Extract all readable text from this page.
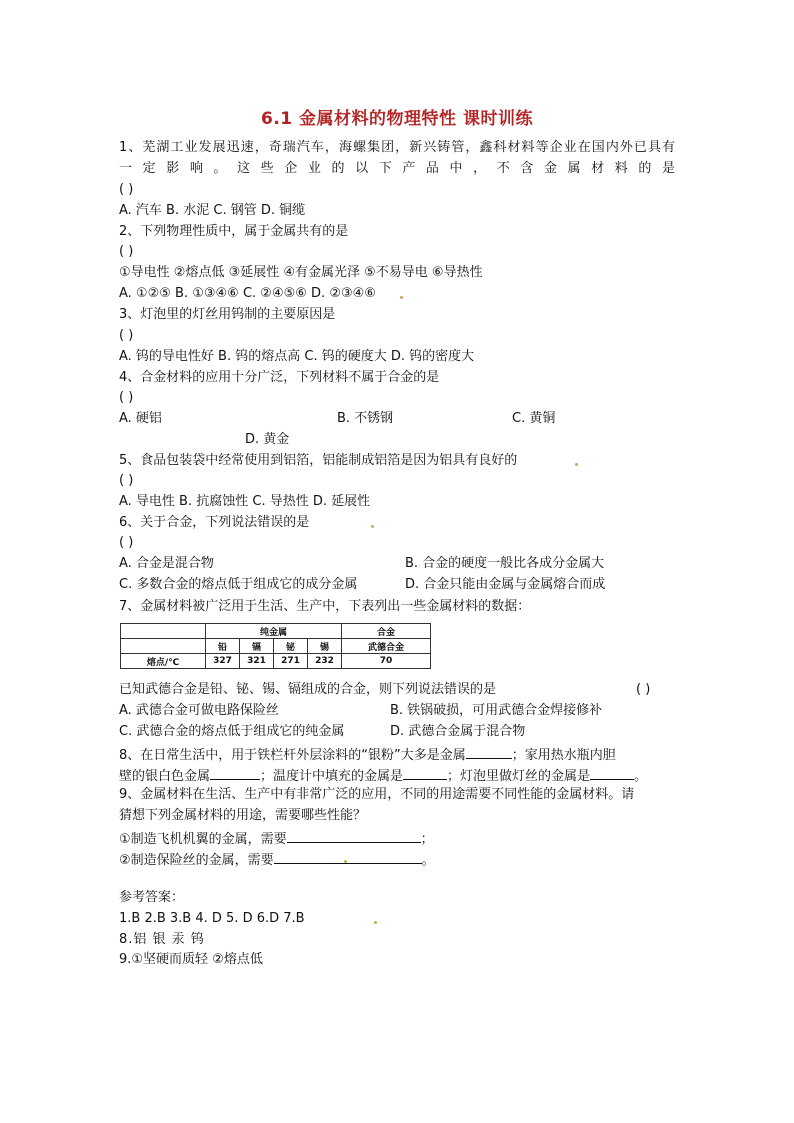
6.1 金属材料的物理特性 课时训练
1、芜湖工业发展迅速，奇瑞汽车，海螺集团，新兴铸管，鑫科材料等企业在国内外已具有
一 定 影 响 。 这 些 企 业 的 以 下 产 品 中 ， 不 含 金 属 材 料 的 是
( )
A. 汽车 B. 水泥 C. 钢管 D. 铜缆
2、下列物理性质中，属于金属共有的是
( )
①导电性 ②熔点低 ③延展性 ④有金属光泽 ⑤不易导电 ⑥导热性
A. ①②⑤ B. ①③④⑥ C. ②④⑤⑥ D. ②③④⑥
3、灯泡里的灯丝用钨制的主要原因是
( )
A. 钨的导电性好 B. 钨的熔点高 C. 钨的硬度大 D. 钨的密度大
4、合金材料的应用十分广泛，下列材料不属于合金的是
( )
A. 硬铝	B. 不锈钢	C. 黄铜
D. 黄金
5、食品包装袋中经常使用到铝箔，铝能制成铝箔是因为铝具有良好的
( )
A. 导电性 B. 抗腐蚀性 C. 导热性 D. 延展性
6、关于合金，下列说法错误的是
( )
A. 合金是混合物	B. 合金的硬度一般比各成分金属大
C. 多数合金的熔点低于组成它的成分金属	D. 合金只能由金属与金属熔合而成
7、金属材料被广泛用于生活、生产中，下表列出一些金属材料的数据：
	纯金属				合金
	铅	镉	铋	锡	武德合金
熔点/℃	327	321	271	232	70
已知武德合金是铅、铋、锡、镉组成的合金，则下列说法错误的是	( )
A. 武德合金可做电路保险丝	B. 铁锅破损，可用武德合金焊接修补
C. 武德合金的熔点低于组成它的纯金属	D. 武德合金属于混合物
8、在日常生活中，用于铁栏杆外层涂料的“银粉”大多是金属	；家用热水瓶内胆
壁的银白色金属	；温度计中填充的金属是	；灯泡里做灯丝的金属是	。
9、金属材料在生活、生产中有非常广泛的应用，不同的用途需要不同性能的金属材料。请
猜想下列金属材料的用途，需要哪些性能？
①制造飞机机翼的金属，需要	；
②制造保险丝的金属，需要	。
参考答案：
1.B 2.B 3.B 4. D 5. D 6.D 7.B
8.铝 银 汞 钨
9.①坚硬而质轻 ②熔点低
